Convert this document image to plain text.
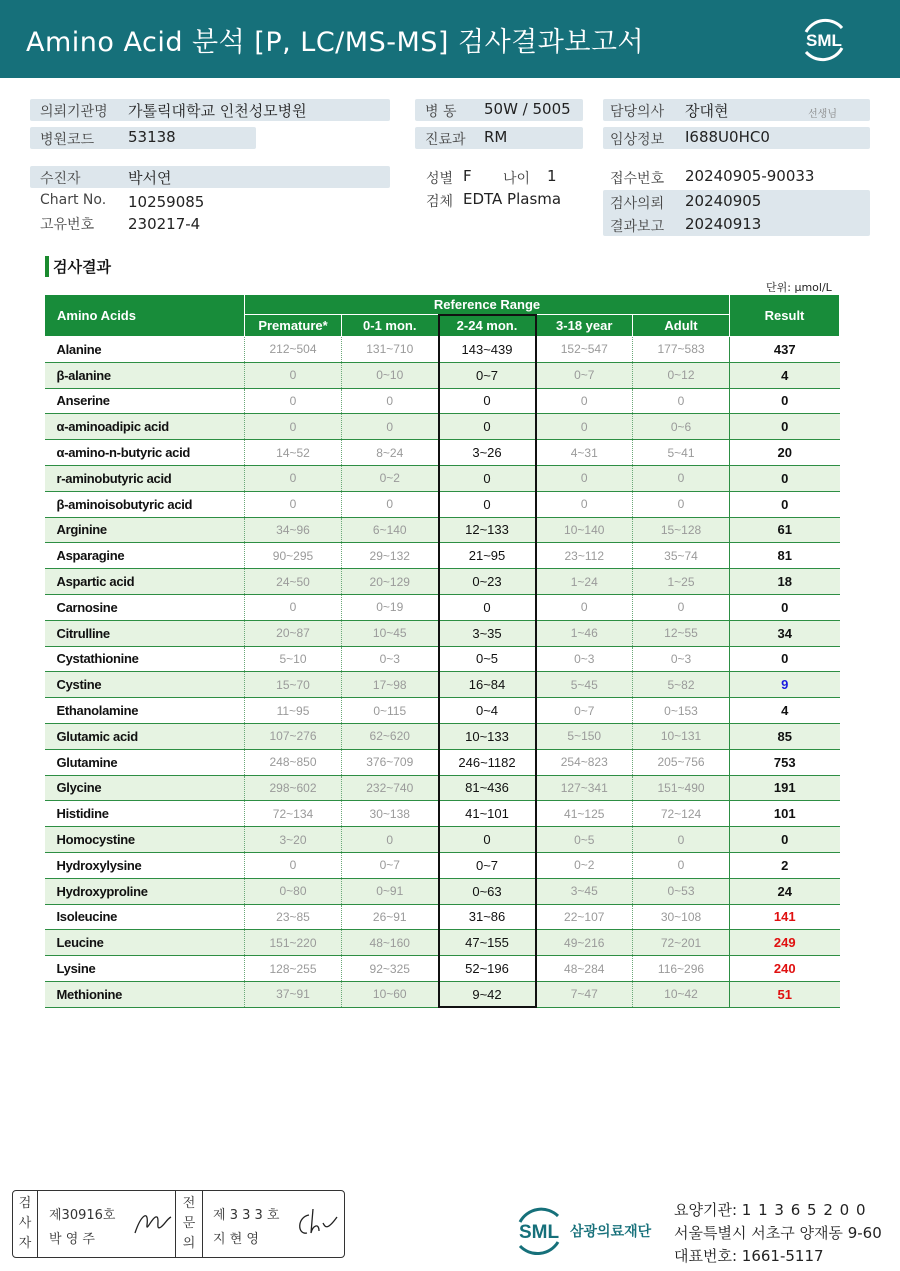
Amino Acid 분석 [P, LC/MS-MS] 검사결과보고서	SML
의뢰기관명 가톨릭대학교 인천성모병원
병원코드 53138
병 동 50W / 5005
진료과 RM
담당의사 장대현	선생님
임상정보 I688U0HC0
수진자	박서연
Chart No. 10259085
고유번호 230217-4
성별 F 나이 1
검체 EDTA Plasma
접수번호 20240905-90033
검사의뢰 20240905
결과보고 20240913
검사결과
단위: μmol/L
Amino Acids	Reference Range					Result
	Premature*	0-1 mon.	2-24 mon.	3-18 year	Adult	
Alanine	212~504	131~710	143~439	152~547	177~583	437
β-alanine	0	0~10	0~7	0~7	0~12	4
Anserine	0	0	0	0	0	0
α-aminoadipic acid	0	0	0	0	0~6	0
α-amino-n-butyric acid	14~52	8~24	3~26	4~31	5~41	20
r-aminobutyric acid	0	0~2	0	0	0	0
β-aminoisobutyric acid	0	0	0	0	0	0
Arginine	34~96	6~140	12~133	10~140	15~128	61
Asparagine	90~295	29~132	21~95	23~112	35~74	81
Aspartic acid	24~50	20~129	0~23	1~24	1~25	18
Carnosine	0	0~19	0	0	0	0
Citrulline	20~87	10~45	3~35	1~46	12~55	34
Cystathionine	5~10	0~3	0~5	0~3	0~3	0
Cystine	15~70	17~98	16~84	5~45	5~82	9
Ethanolamine	11~95	0~115	0~4	0~7	0~153	4
Glutamic acid	107~276	62~620	10~133	5~150	10~131	85
Glutamine	248~850	376~709	246~1182	254~823	205~756	753
Glycine	298~602	232~740	81~436	127~341	151~490	191
Histidine	72~134	30~138	41~101	41~125	72~124	101
Homocystine	3~20	0	0	0~5	0	0
Hydroxylysine	0	0~7	0~7	0~2	0	2
Hydroxyproline	0~80	0~91	0~63	3~45	0~53	24
Isoleucine	23~85	26~91	31~86	22~107	30~108	141
Leucine	151~220	48~160	47~155	49~216	72~201	249
Lysine	128~255	92~325	52~196	48~284	116~296	240
Methionine	37~91	10~60	9~42	7~47	10~42	51
검사자
제30916호
박 영 주
전문의
제 3 3 3 호
지 현 영	SML 삼광의료재단
요양기관: 1 1 3 6 5 2 0 0
서울특별시 서초구 양재동 9-60
대표번호: 1661-5117
